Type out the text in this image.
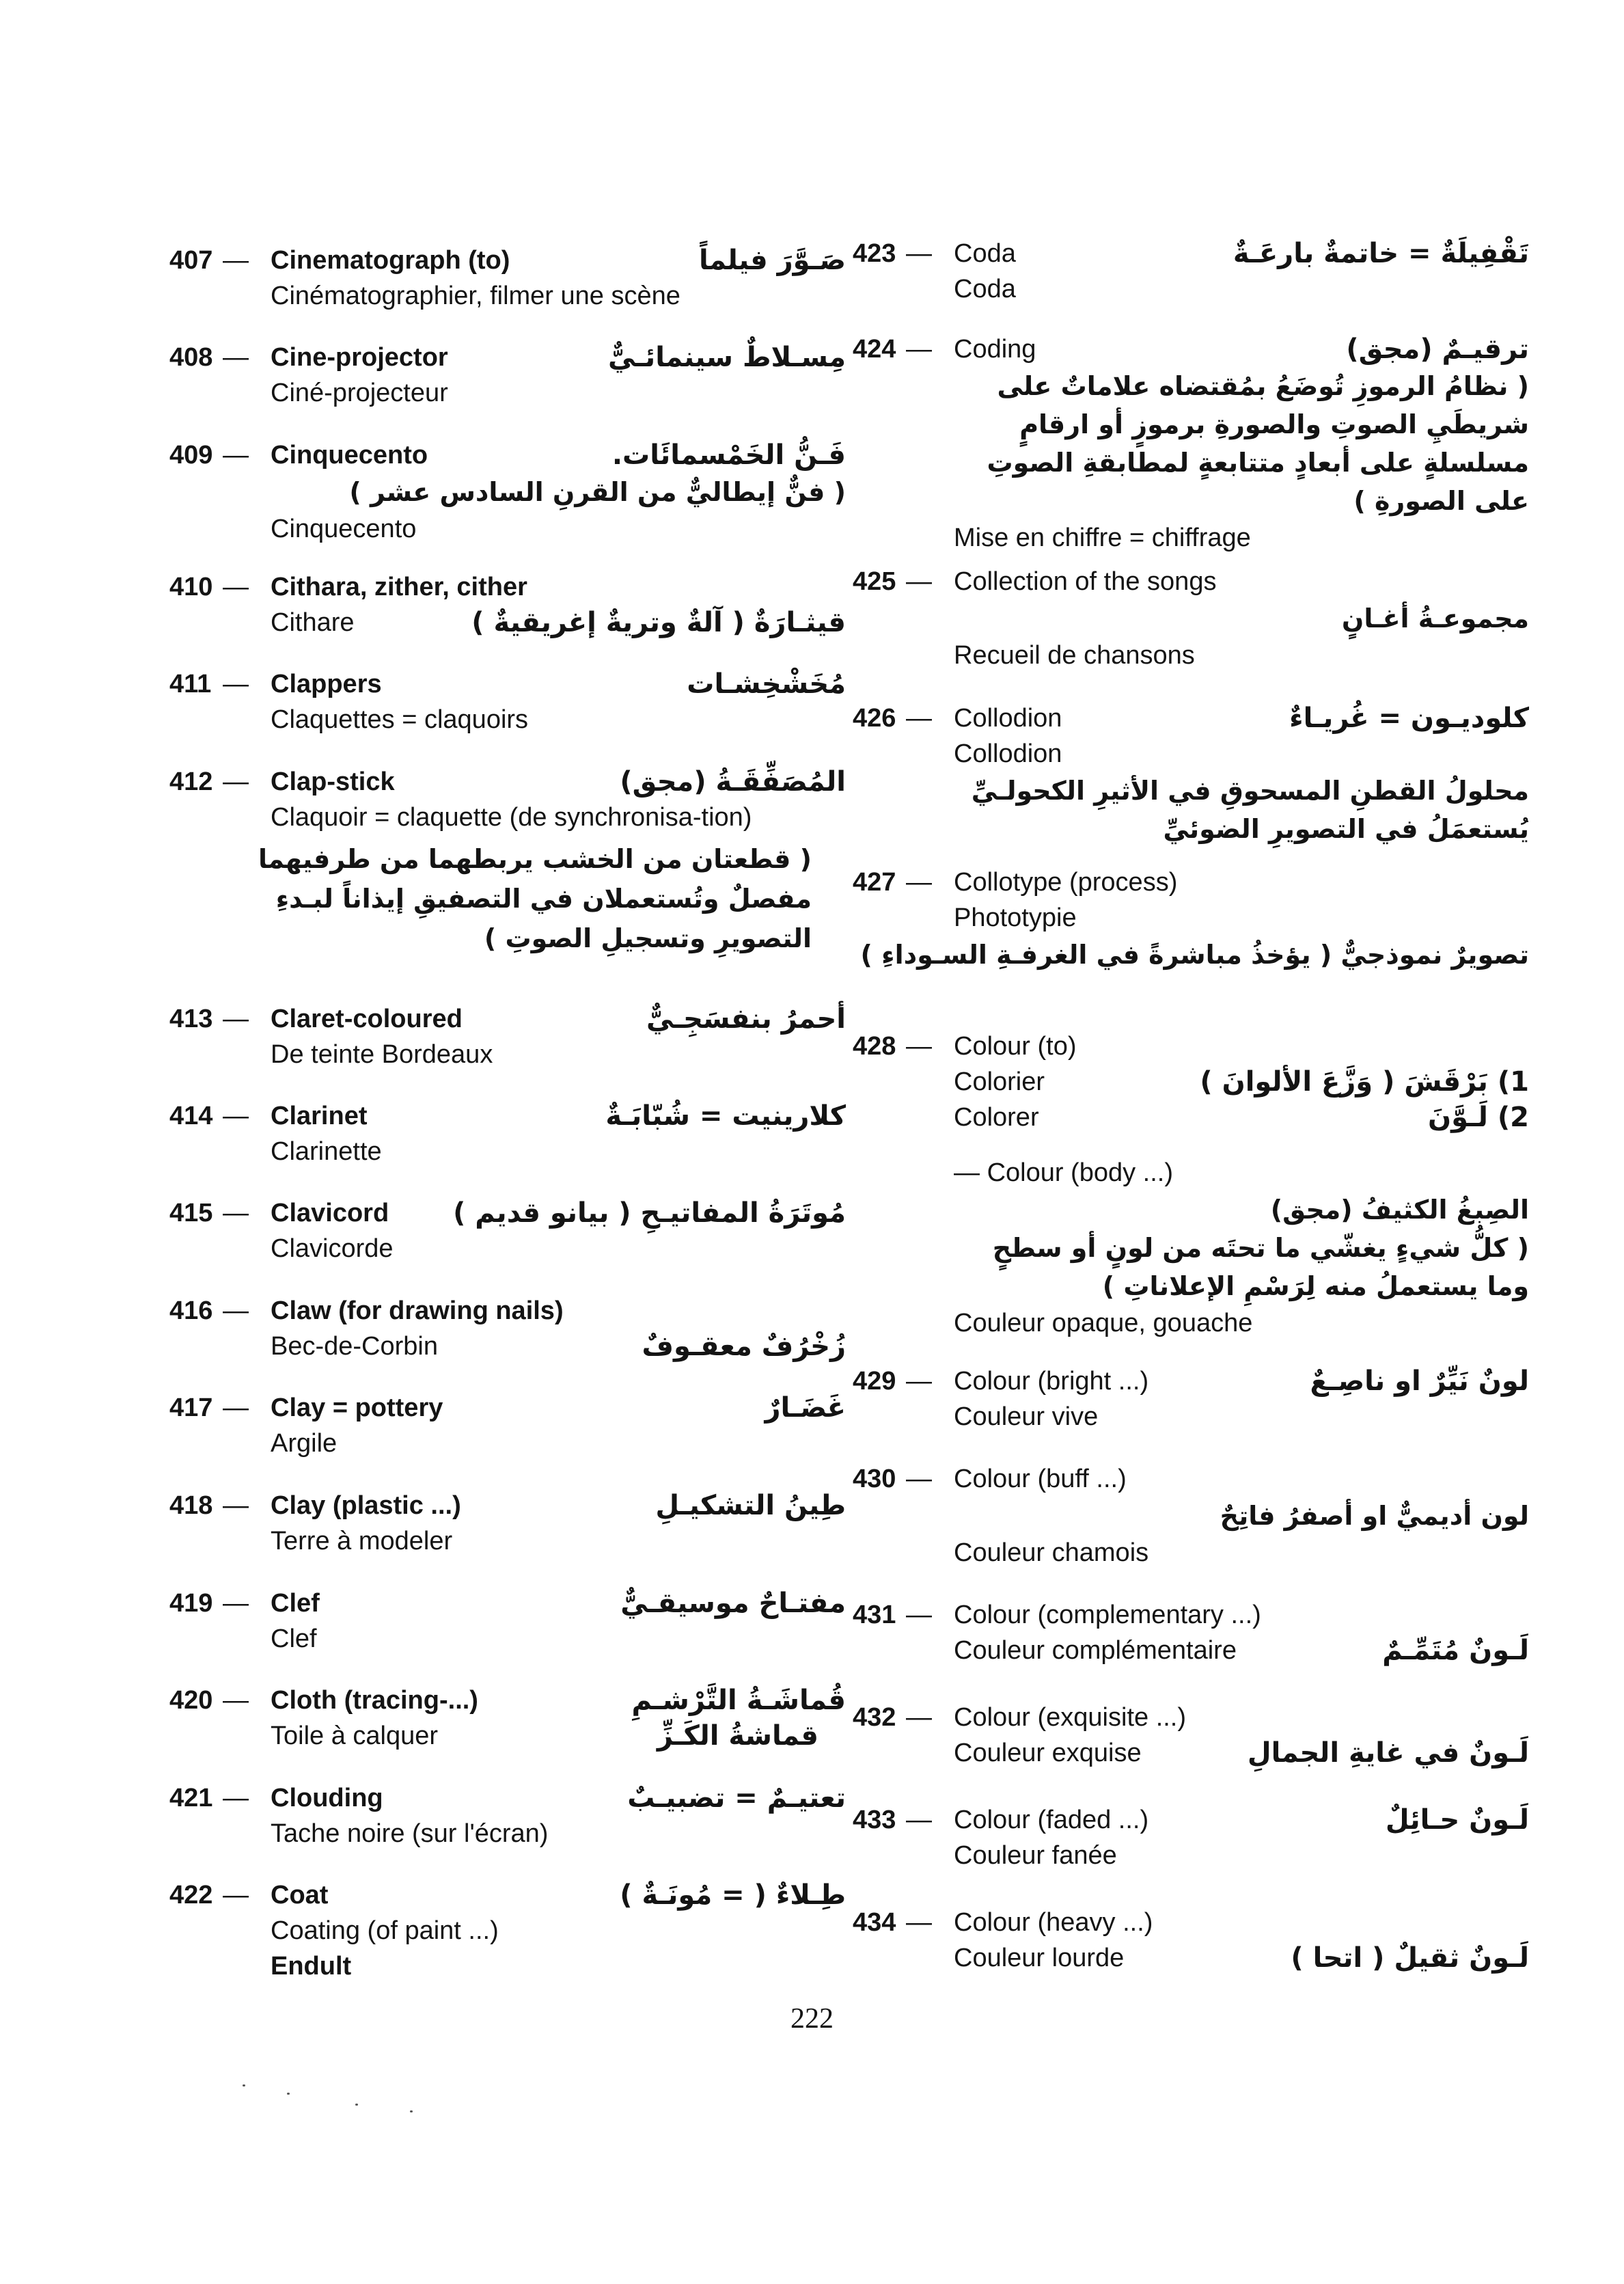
407 — Cinematograph (to)	صَـوَّرَ فيلماً
Cinématographier, filmer une scène
408 — Cine-projector	مِسـلاطٌ سينمائـيٌّ
Ciné-projecteur
409 — Cinquecento	فَـنُّ الخَمْسمائَات.
( فنٌّ إيطاليٌّ من القرنِ السادس عشر )
Cinquecento
410 — Cithara, zither, cither
Cithare	قيثـارَةٌ ( آلةٌ وتريةٌ إغريقيةٌ )
411 — Clappers	مُخَشْخِشـات
Claquettes = claquoirs
412 — Clap-stick	المُصَفِّقَـةُ (مجق)
Claquoir = claquette (de synchronisa-tion)
( قطعتان من الخشب يربطهما من طرفيهما مفصلٌ وتُستعملان في التصفيقِ إيذاناً لبـدءِ التصويرِ وتسجيلِ الصوتِ )
413 — Claret-coloured	أحمرُ بنفسَجِـيٌّ
De teinte Bordeaux
414 — Clarinet	كلارينيت = شُبّابَـةٌ
Clarinette
415 — Clavicord مُوتَرَةُ المفاتيـحِ ( بيانو قديم )
Clavicorde
416 — Claw (for drawing nails)
Bec-de-Corbin	زُخْرُفٌ معقـوفٌ
417 — Clay = pottery	غَضَـارٌ
Argile
418 — Clay (plastic ...)	طِينُ التشكيـلِ
Terre à modeler
419 — Clef	مفتـاحٌ موسيقـيٌّ
Clef
420 — Cloth (tracing-...)	قُماشَـةُ التَّرْشـمِ
Toile à calquer	قماشةُ الكَـزِّ
421 — Clouding	تعتيـمٌ = تضبيـبٌ
Tache noire (sur l'écran)
422 — Coat	طِـلاءٌ ( = مُونَـةٌ )
Coating (of paint ...)
Endult
423 — Coda	تَقْفِيلَةٌ = خاتمةٌ بارعَـةٌ
Coda
424 — Coding	ترقيـمٌ (مجق)
( نظامُ الرموزِ تُوضَعُ بمُقتضاه علاماتٌ على شريطَيِ الصوتِ والصورةِ برموزٍ أو ارقامٍ مسلسلةٍ على أبعادٍ متتابعةٍ لمطابقةِ الصوتِ على الصورةِ )
Mise en chiffre = chiffrage
425 — Collection of the songs
مجموعـةُ أغـانٍ
Recueil de chansons
426 — Collodion	كلوديـون = غُريـاءٌ
Collodion
محلولُ القطنِ المسحوقِ في الأثيرِ الكحولـيِّ يُستعمَلُ في التصويرِ الضوئيِّ
427 — Collotype (process)
Phototypie
تصويرٌ نموذجيٌّ ( يؤخذُ مباشرةً في الغرفـةِ السـوداءِ )
428 — Colour (to)
Colorier	1) بَرْقَشَ ( وَزَّعَ الألوانَ )
Colorer	2) لَـوَّنَ
— Colour (body ...)
الصِبغُ الكثيفُ (مجق)
( كلُّ شيءٍ يغشّي ما تحتَه من لونٍ أو سطحٍ وما يستعملُ منه لِرَسْمِ الإعلاناتِ )
Couleur opaque, gouache
429 — Colour (bright ...)	لونٌ نَيِّرٌ او ناصِـعٌ
Couleur vive
430 — Colour (buff ...)
لون أديميٌّ او أصفرُ فاتِحٌ
Couleur chamois
431 — Colour (complementary ...)
Couleur complémentaire	لَـونٌ مُتَمِّـمٌ
432 — Colour (exquisite ...)
Couleur exquise	لَـونٌ في غايةِ الجمالِ
433 — Colour (faded ...)	لَـونٌ حـائِلٌ
Couleur fanée
434 — Colour (heavy ...)
Couleur lourde	لَـونٌ ثقيلٌ ( اتحا )
222
